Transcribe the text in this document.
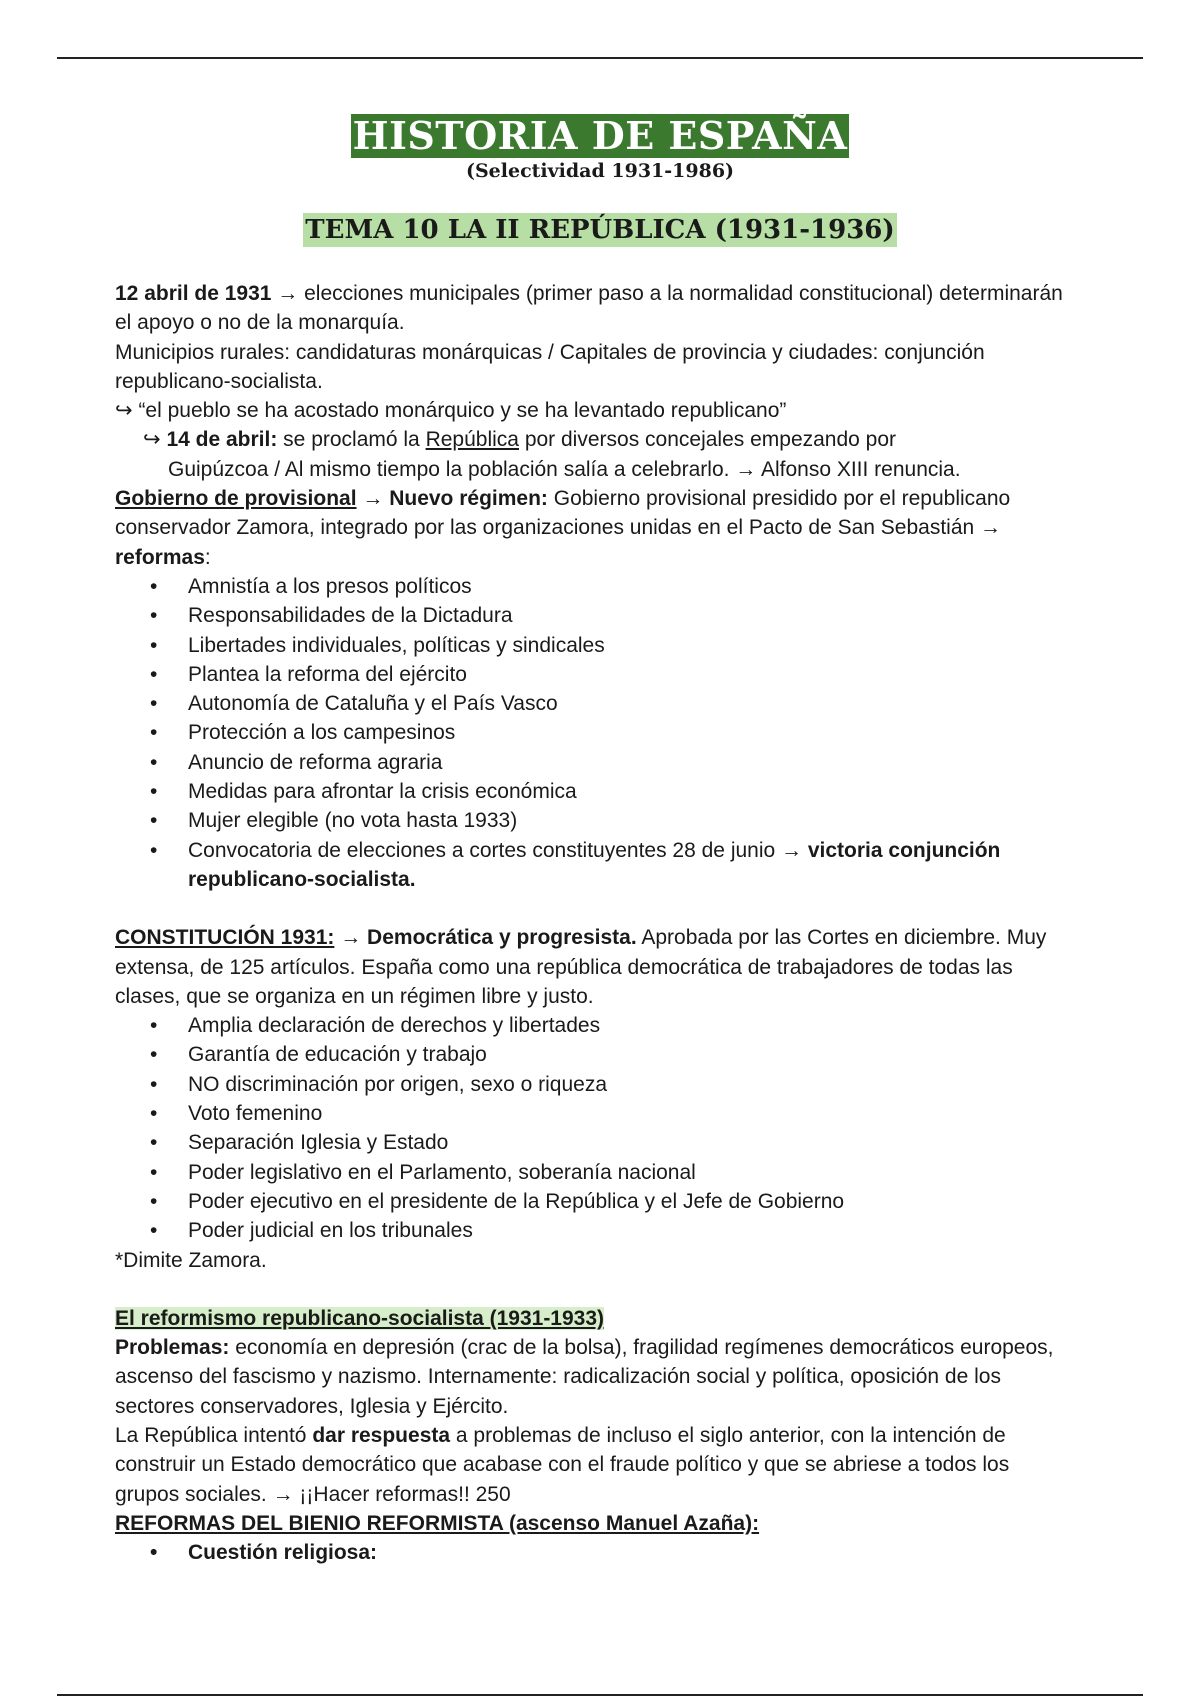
HISTORIA DE ESPAÑA
(Selectividad 1931-1986)
TEMA 10 LA II REPÚBLICA (1931-1936)

12 abril de 1931 → elecciones municipales (primer paso a la normalidad constitucional) determinarán el apoyo o no de la monarquía.

Municipios rurales: candidaturas monárquicas / Capitales de provincia y ciudades: conjunción republicano-socialista.

↪ “el pueblo se ha acostado monárquico y se ha levantado republicano”

↪ 14 de abril: se proclamó la República por diversos concejales empezando por

Guipúzcoa / Al mismo tiempo la población salía a celebrarlo. → Alfonso XIII renuncia.

Gobierno de provisional → Nuevo régimen: Gobierno provisional presidido por el republicano conservador Zamora, integrado por las organizaciones unidas en el Pacto de San Sebastián → reformas:

• Amnistía a los presos políticos
• Responsabilidades de la Dictadura
• Libertades individuales, políticas y sindicales
• Plantea la reforma del ejército
• Autonomía de Cataluña y el País Vasco
• Protección a los campesinos
• Anuncio de reforma agraria
• Medidas para afrontar la crisis económica
• Mujer elegible (no vota hasta 1933)
• Convocatoria de elecciones a cortes constituyentes 28 de junio → victoria conjunción republicano-socialista.

CONSTITUCIÓN 1931: → Democrática y progresista. Aprobada por las Cortes en diciembre. Muy extensa, de 125 artículos. España como una república democrática de trabajadores de todas las clases, que se organiza en un régimen libre y justo.

• Amplia declaración de derechos y libertades
• Garantía de educación y trabajo
• NO discriminación por origen, sexo o riqueza
• Voto femenino
• Separación Iglesia y Estado
• Poder legislativo en el Parlamento, soberanía nacional
• Poder ejecutivo en el presidente de la República y el Jefe de Gobierno
• Poder judicial en los tribunales

*Dimite Zamora.

El reformismo republicano-socialista (1931-1933)

Problemas: economía en depresión (crac de la bolsa), fragilidad regímenes democráticos europeos, ascenso del fascismo y nazismo. Internamente: radicalización social y política, oposición de los sectores conservadores, Iglesia y Ejército.

La República intentó dar respuesta a problemas de incluso el siglo anterior, con la intención de construir un Estado democrático que acabase con el fraude político y que se abriese a todos los grupos sociales. → ¡¡Hacer reformas!! 250

REFORMAS DEL BIENIO REFORMISTA (ascenso Manuel Azaña):

• Cuestión religiosa:
